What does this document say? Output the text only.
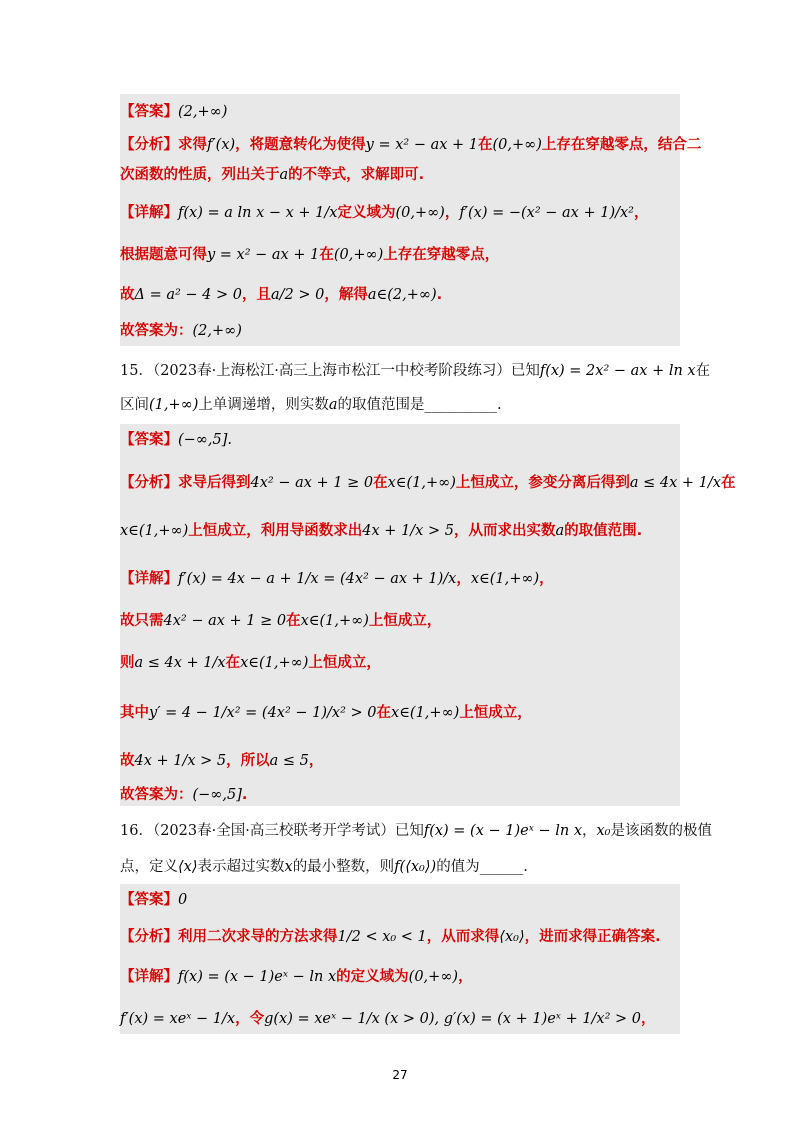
【答案】(2,+∞)
【分析】求得f′(x)，将题意转化为使得y = x² − ax + 1在(0,+∞)上存在穿越零点，结合二
次函数的性质，列出关于a的不等式，求解即可.
【详解】f(x) = a ln x − x + 1/x定义域为(0,+∞)，f′(x) = −(x² − ax + 1)/x²，
根据题意可得y = x² − ax + 1在(0,+∞)上存在穿越零点，
故Δ = a² − 4 > 0，且a/2 > 0，解得a∈(2,+∞).
故答案为：(2,+∞)
15．（2023春·上海松江·高三上海市松江一中校考阶段练习）已知f(x) = 2x² − ax + ln x在
区间(1,+∞)上单调递增，则实数a的取值范围是__________.
【答案】(−∞,5].
【分析】求导后得到4x² − ax + 1 ≥ 0在x∈(1,+∞)上恒成立，参变分离后得到a ≤ 4x + 1/x在
x∈(1,+∞)上恒成立，利用导函数求出4x + 1/x > 5，从而求出实数a的取值范围.
【详解】f′(x) = 4x − a + 1/x = (4x² − ax + 1)/x，x∈(1,+∞)，
故只需4x² − ax + 1 ≥ 0在x∈(1,+∞)上恒成立，
则a ≤ 4x + 1/x在x∈(1,+∞)上恒成立，
其中y′ = 4 − 1/x² = (4x² − 1)/x² > 0在x∈(1,+∞)上恒成立，
故4x + 1/x > 5，所以a ≤ 5，
故答案为：(−∞,5].
16．（2023春·全国·高三校联考开学考试）已知f(x) = (x − 1)eˣ − ln x，x₀是该函数的极值
点，定义⟨x⟩表示超过实数x的最小整数，则f(⟨x₀⟩)的值为______.
【答案】0
【分析】利用二次求导的方法求得1/2 < x₀ < 1，从而求得⟨x₀⟩，进而求得正确答案.
【详解】f(x) = (x − 1)eˣ − ln x的定义域为(0,+∞)，
f′(x) = xeˣ − 1/x，令g(x) = xeˣ − 1/x (x > 0), g′(x) = (x + 1)eˣ + 1/x² > 0，
27
